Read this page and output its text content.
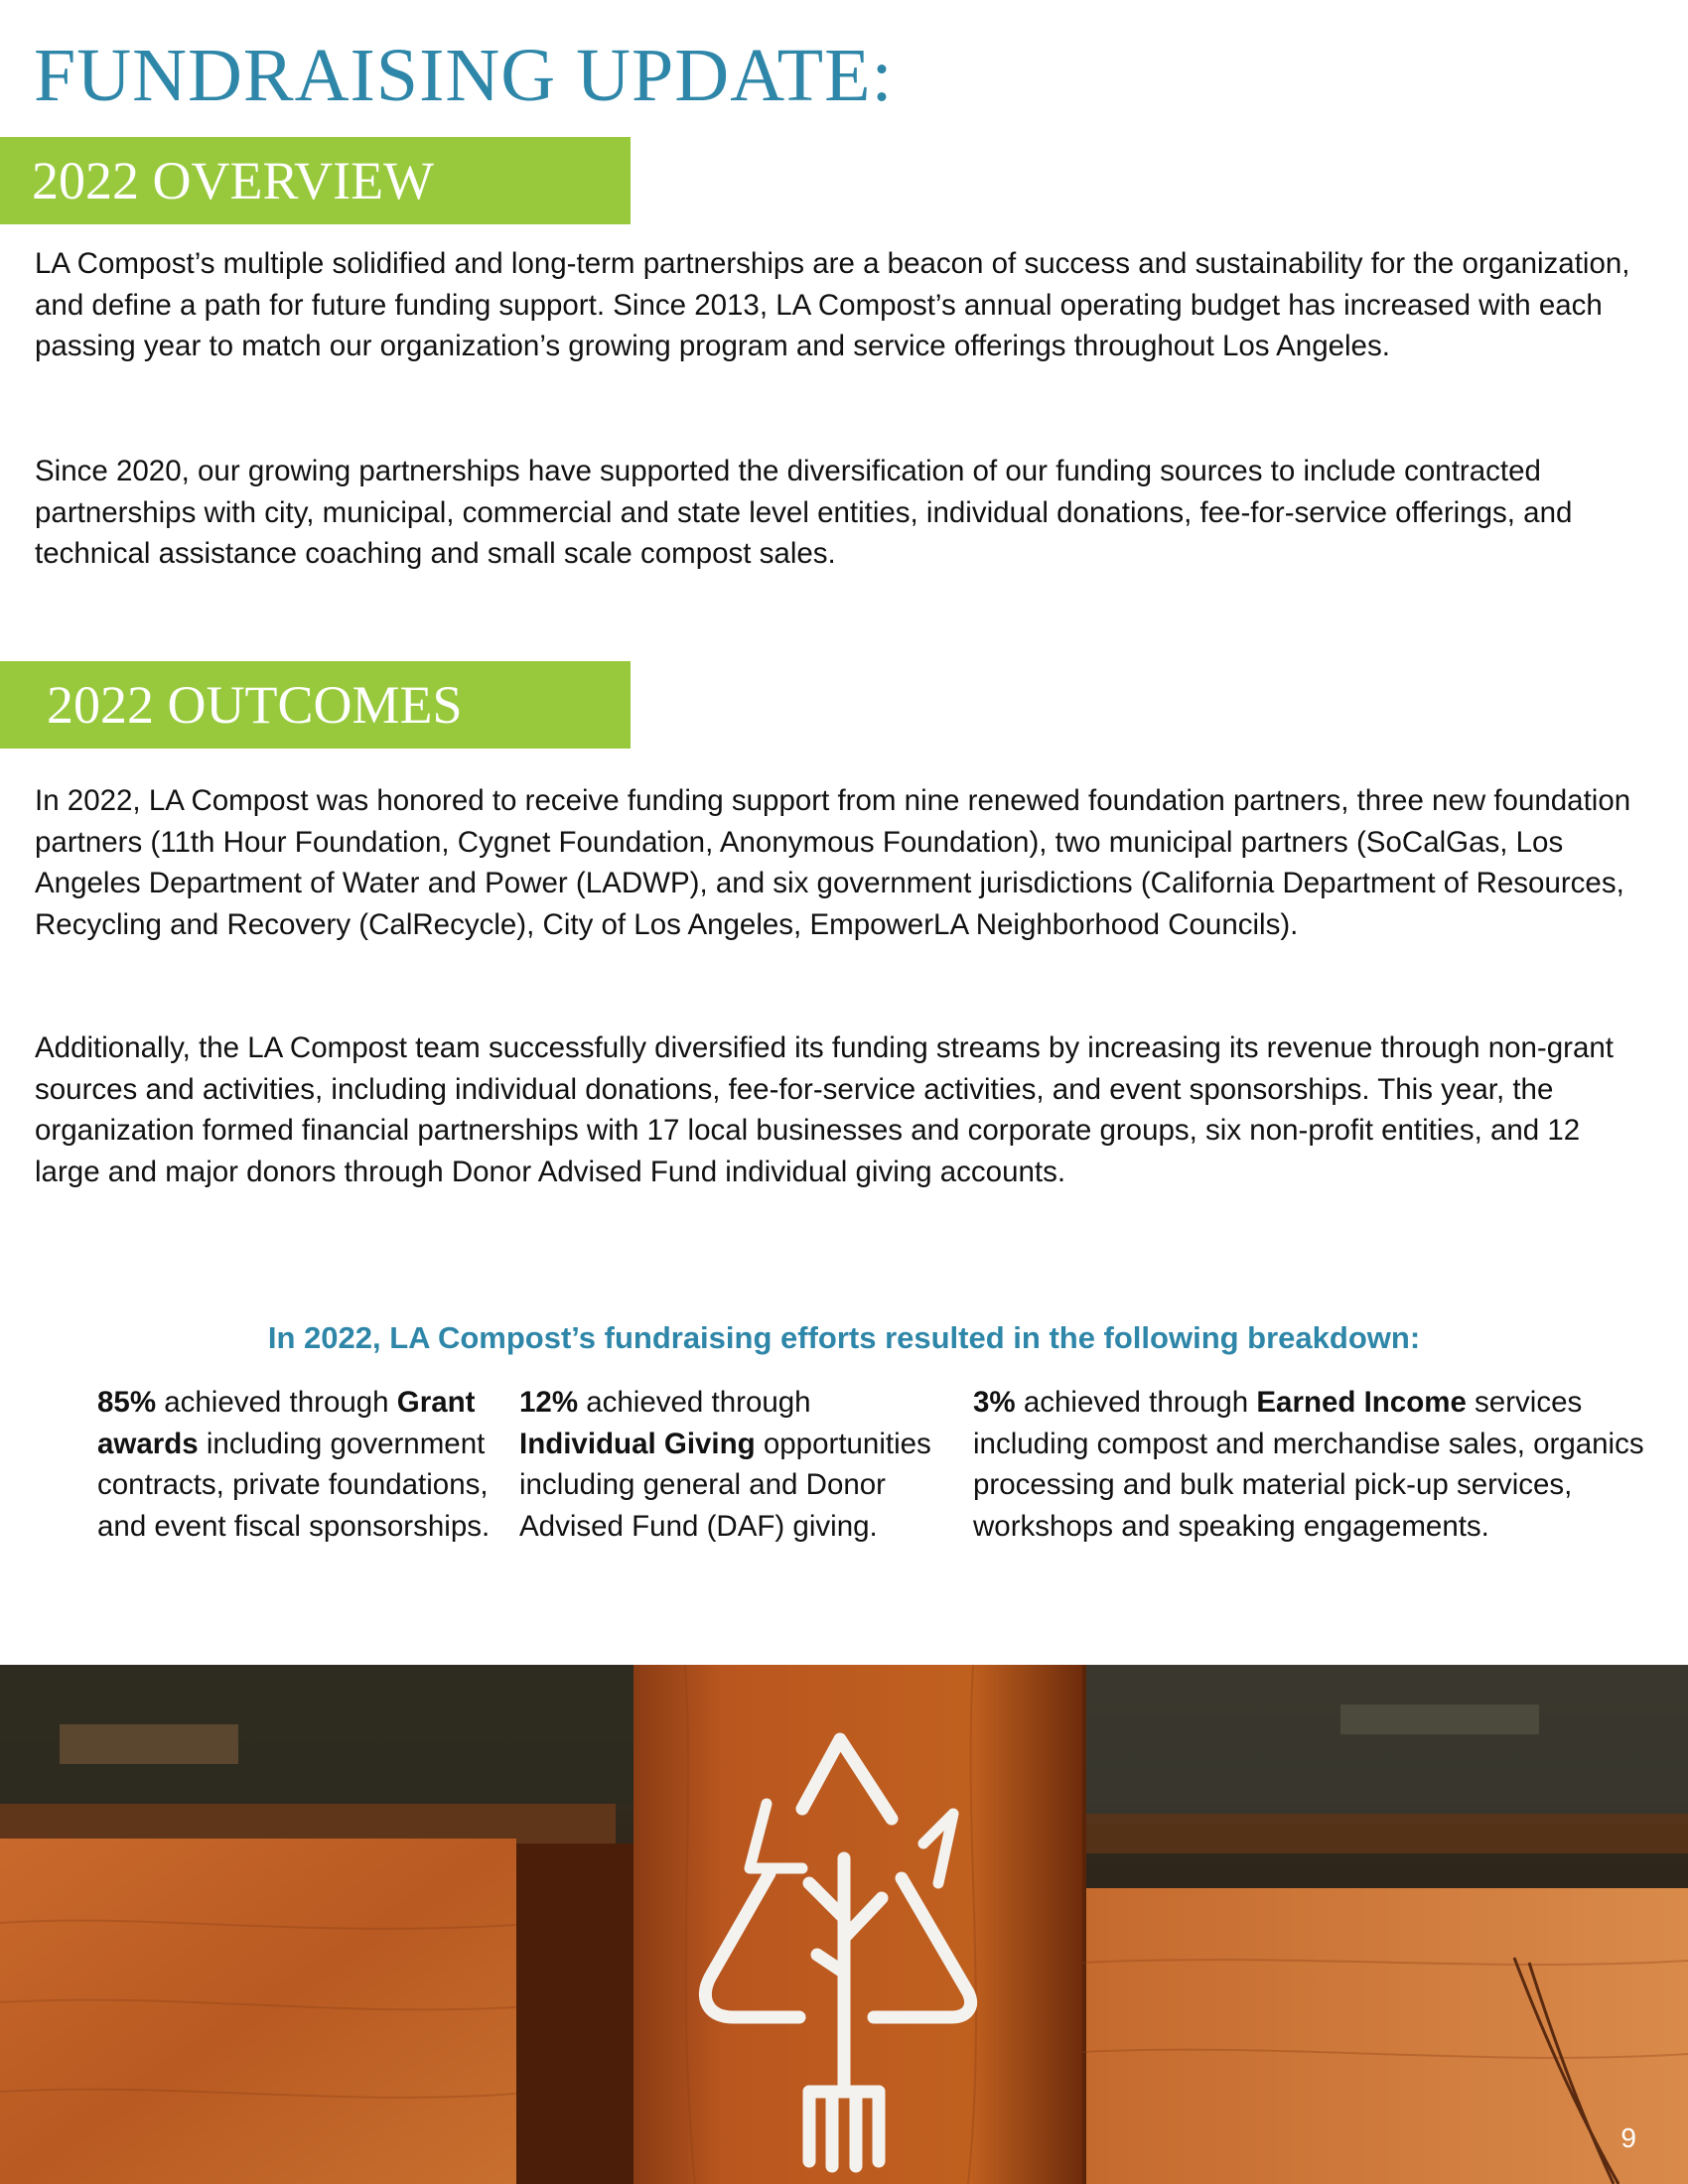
FUNDRAISING UPDATE:
2022 OVERVIEW

LA Compost’s multiple solidified and long-term partnerships are a beacon of success and sustainability for the organization, and define a path for future funding support. Since 2013, LA Compost’s annual operating budget has increased with each passing year to match our organization’s growing program and service offerings throughout Los Angeles.

Since 2020, our growing partnerships have supported the diversification of our funding sources to include contracted partnerships with city, municipal, commercial and state level entities, individual donations, fee-for-service offerings, and technical assistance coaching and small scale compost sales.

2022 OUTCOMES

In 2022, LA Compost was honored to receive funding support from nine renewed foundation partners, three new foundation partners (11th Hour Foundation, Cygnet Foundation, Anonymous Foundation), two municipal partners (SoCalGas, Los Angeles Department of Water and Power (LADWP), and six government jurisdictions (California Department of Resources, Recycling and Recovery (CalRecycle), City of Los Angeles, EmpowerLA Neighborhood Councils).

Additionally, the LA Compost team successfully diversified its funding streams by increasing its revenue through non-grant sources and activities, including individual donations, fee-for-service activities, and event sponsorships. This year, the organization formed financial partnerships with 17 local businesses and corporate groups, six non-profit entities, and 12 large and major donors through Donor Advised Fund individual giving accounts.

In 2022, LA Compost’s fundraising efforts resulted in the following breakdown:

85% achieved through Grant awards including government contracts, private foundations, and event fiscal sponsorships.

12% achieved through Individual Giving opportunities including general and Donor Advised Fund (DAF) giving.

3% achieved through Earned Income services including compost and merchandise sales, organics processing and bulk material pick-up services, workshops and speaking engagements.

9
